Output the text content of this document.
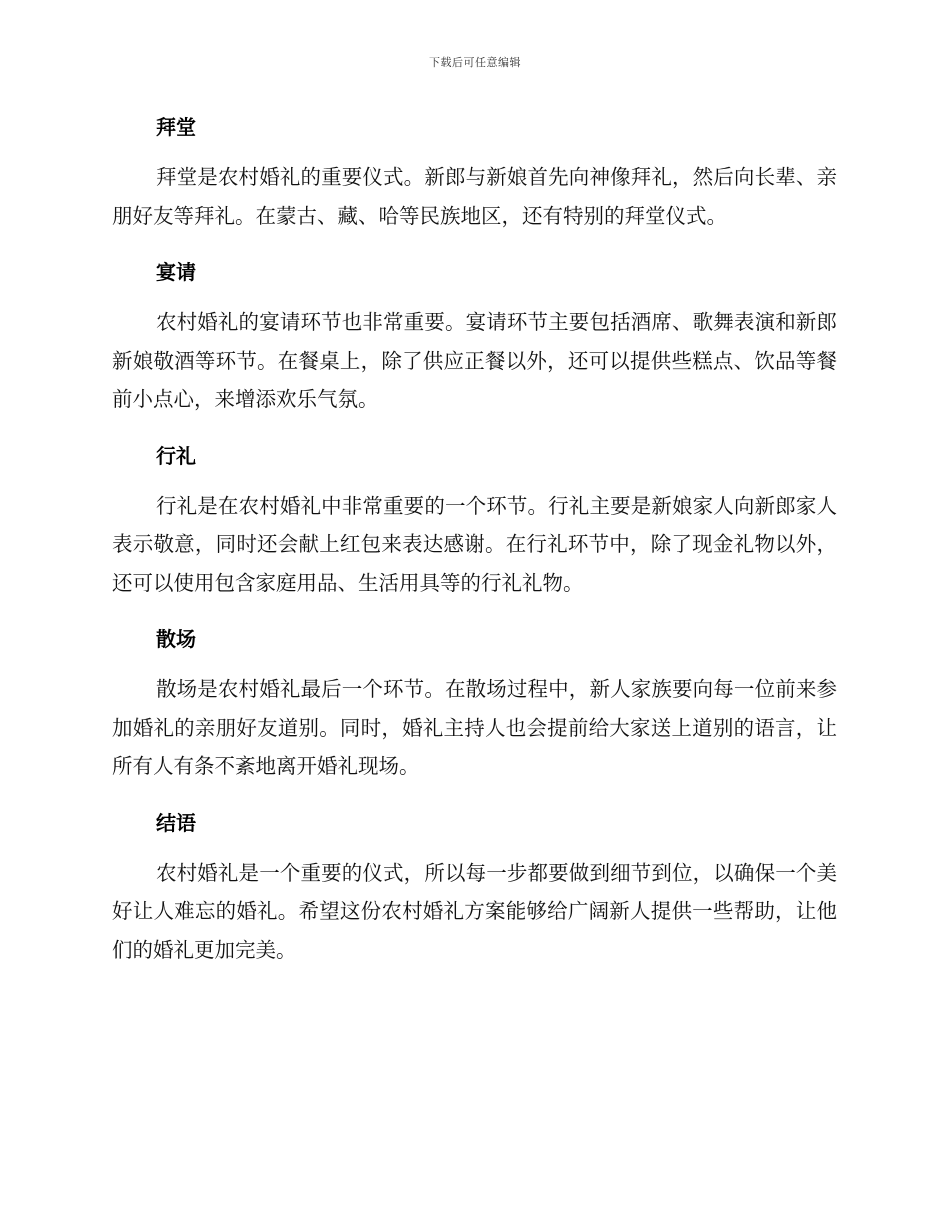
下载后可任意编辑
拜堂

拜堂是农村婚礼的重要仪式。新郎与新娘首先向神像拜礼，然后向长辈、亲朋好友等拜礼。在蒙古、藏、哈等民族地区，还有特别的拜堂仪式。

宴请

农村婚礼的宴请环节也非常重要。宴请环节主要包括酒席、歌舞表演和新郎新娘敬酒等环节。在餐桌上，除了供应正餐以外，还可以提供些糕点、饮品等餐前小点心，来增添欢乐气氛。

行礼

行礼是在农村婚礼中非常重要的一个环节。行礼主要是新娘家人向新郎家人表示敬意，同时还会献上红包来表达感谢。在行礼环节中，除了现金礼物以外，还可以使用包含家庭用品、生活用具等的行礼礼物。

散场

散场是农村婚礼最后一个环节。在散场过程中，新人家族要向每一位前来参加婚礼的亲朋好友道别。同时，婚礼主持人也会提前给大家送上道别的语言，让所有人有条不紊地离开婚礼现场。

结语

农村婚礼是一个重要的仪式，所以每一步都要做到细节到位，以确保一个美好让人难忘的婚礼。希望这份农村婚礼方案能够给广阔新人提供一些帮助，让他们的婚礼更加完美。
